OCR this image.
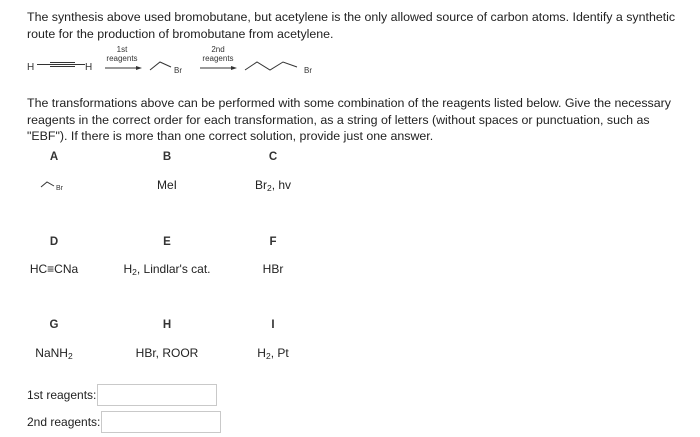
The synthesis above used bromobutane, but acetylene is the only allowed source of carbon atoms. Identify a synthetic route for the production of bromobutane from acetylene.
H	H
1st
reagents
Br
2nd
reagents
Br
The transformations above can be performed with some combination of the reagents listed below. Give the necessary reagents in the correct order for each transformation, as a string of letters (without spaces or punctuation, such as "EBF"). If there is more than one correct solution, provide just one answer.
A	B	C
Br	MeI	$Br_2$, hv
D	E	F
HC≡CNa	$H_2$, Lindlar's cat.	HBr
G	H	I
NaNH$_2$	HBr, ROOR	$H_2$, Pt
1st reagents:
2nd reagents:
